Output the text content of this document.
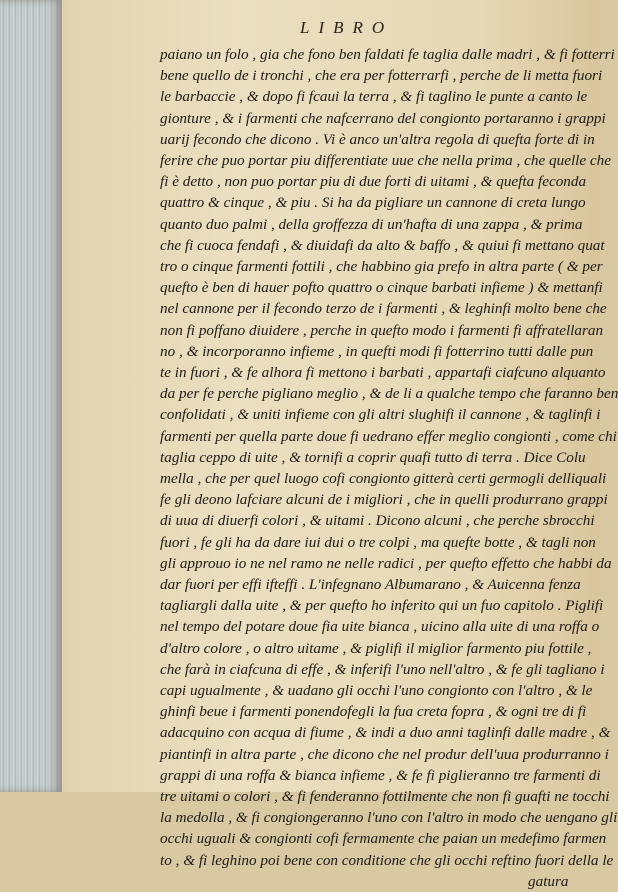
LIBRO
paiano un folo , gia che fono ben faldati fe taglia dalle madri , & fi fotterri
bene quello de i tronchi , che era per fotterrarfi , perche de li metta fuori
le barbaccie , & dopo fi fcaui la terra , & fi taglino le punte a canto le
gionture , & i farmenti che nafcerrano del congionto portaranno i grappi
uarij fecondo che dicono . Vi è anco un'altra regola di quefta forte di in
ferire che puo portar piu differentiate uue che nella prima , che quelle che
fi è detto , non puo portar piu di due forti di uitami , & quefta feconda
quattro & cinque , & piu . Si ha da pigliare un cannone di creta lungo
quanto duo palmi , della groffezza di un'hafta di una zappa , & prima
che fi cuoca fendafi , & diuidafi da alto & baffo , & quiui fi mettano quat
tro o cinque farmenti fottili , che habbino gia prefo in altra parte ( & per
quefto è ben di hauer pofto quattro o cinque barbati infieme ) & mettanfi
nel cannone per il fecondo terzo de i farmenti , & leghinfi molto bene che
non fi poffano diuidere , perche in quefto modo i farmenti fi affratellaran
no , & incorporanno infieme , in quefti modi fi fotterrino tutti dalle pun
te in fuori , & fe alhora fi mettono i barbati , appartafi ciafcuno alquanto
da per fe perche pigliano meglio , & de li a qualche tempo che faranno ben
confolidati , & uniti infieme con gli altri slughifi il cannone , & taglinfi i
farmenti per quella parte doue fi uedrano effer meglio congionti , come chi
taglia ceppo di uite , & tornifi a coprir quafi tutto di terra . Dice Colu
mella , che per quel luogo cofi congionto gitterà certi germogli delliquali
fe gli deono lafciare alcuni de i migliori , che in quelli produrrano grappi
di uua di diuerfi colori , & uitami . Dicono alcuni , che perche sbrocchi
fuori , fe gli ha da dare iui dui o tre colpi , ma quefte botte , & tagli non
gli approuo io ne nel ramo ne nelle radici , per quefto effetto che habbi da
dar fuori per effi ifteffi . L'infegnano Albumarano , & Auicenna fenza
tagliargli dalla uite , & per quefto ho inferito qui un fuo capitolo . Piglifi
nel tempo del potare doue fia uite bianca , uicino alla uite di una roffa o
d'altro colore , o altro uitame , & piglifi il miglior farmento piu fottile ,
che farà in ciafcuna di effe , & inferifi l'uno nell'altro , & fe gli tagliano i
capi ugualmente , & uadano gli occhi l'uno congionto con l'altro , & le
ghinfi beue i farmenti ponendofegli la fua creta fopra , & ogni tre di fi
adacquino con acqua di fiume , & indi a duo anni taglinfi dalle madre , &
piantinfi in altra parte , che dicono che nel produr dell'uua produrranno i
grappi di una roffa & bianca infieme , & fe fi piglieranno tre farmenti di
tre uitami o colori , & fi fenderanno fottilmente che non fi guafti ne tocchi
la medolla , & fi congiongeranno l'uno con l'altro in modo che uengano gli
occhi uguali & congionti cofi fermamente che paian un medefimo farmen
to , & fi leghino poi bene con conditione che gli occhi reftino fuori della le
gatura
